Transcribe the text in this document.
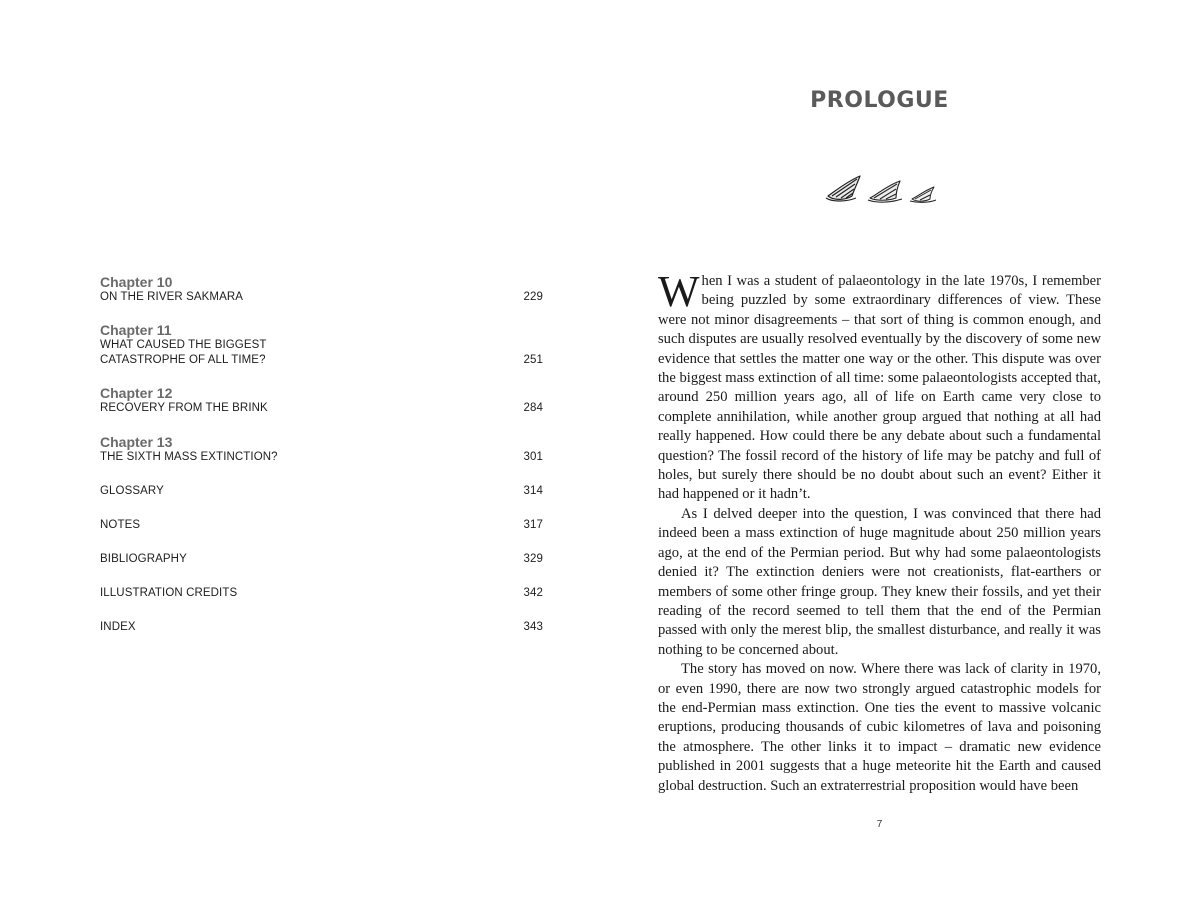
Chapter 10
ON THE RIVER SAKMARA	229
Chapter 11
WHAT CAUSED THE BIGGEST
CATASTROPHE OF ALL TIME?	251
Chapter 12
RECOVERY FROM THE BRINK	284
Chapter 13
THE SIXTH MASS EXTINCTION?	301
GLOSSARY	314
NOTES	317
BIBLIOGRAPHY	329
ILLUSTRATION CREDITS	342
INDEX	343
PROLOGUE

When I was a student of palaeontology in the late 1970s, I remember being puzzled by some extraordinary differences of view. These were not minor disagreements – that sort of thing is common enough, and such disputes are usually resolved eventually by the discovery of some new evidence that settles the matter one way or the other. This dispute was over the biggest mass extinction of all time: some palaeontologists accepted that, around 250 million years ago, all of life on Earth came very close to complete annihilation, while another group argued that nothing at all had really happened. How could there be any debate about such a fundamental question? The fossil record of the history of life may be patchy and full of holes, but surely there should be no doubt about such an event? Either it had happened or it hadn’t.

As I delved deeper into the question, I was convinced that there had indeed been a mass extinction of huge magnitude about 250 million years ago, at the end of the Permian period. But why had some palaeontologists denied it? The extinction deniers were not creationists, flat-earthers or members of some other fringe group. They knew their fossils, and yet their reading of the record seemed to tell them that the end of the Permian passed with only the merest blip, the smallest disturbance, and really it was nothing to be concerned about.

The story has moved on now. Where there was lack of clarity in 1970, or even 1990, there are now two strongly argued catastrophic models for the end-Permian mass extinction. One ties the event to massive volcanic eruptions, producing thousands of cubic kilometres of lava and poisoning the atmosphere. The other links it to impact – dramatic new evidence published in 2001 suggests that a huge meteorite hit the Earth and caused global destruction. Such an extraterrestrial proposition would have been

7
